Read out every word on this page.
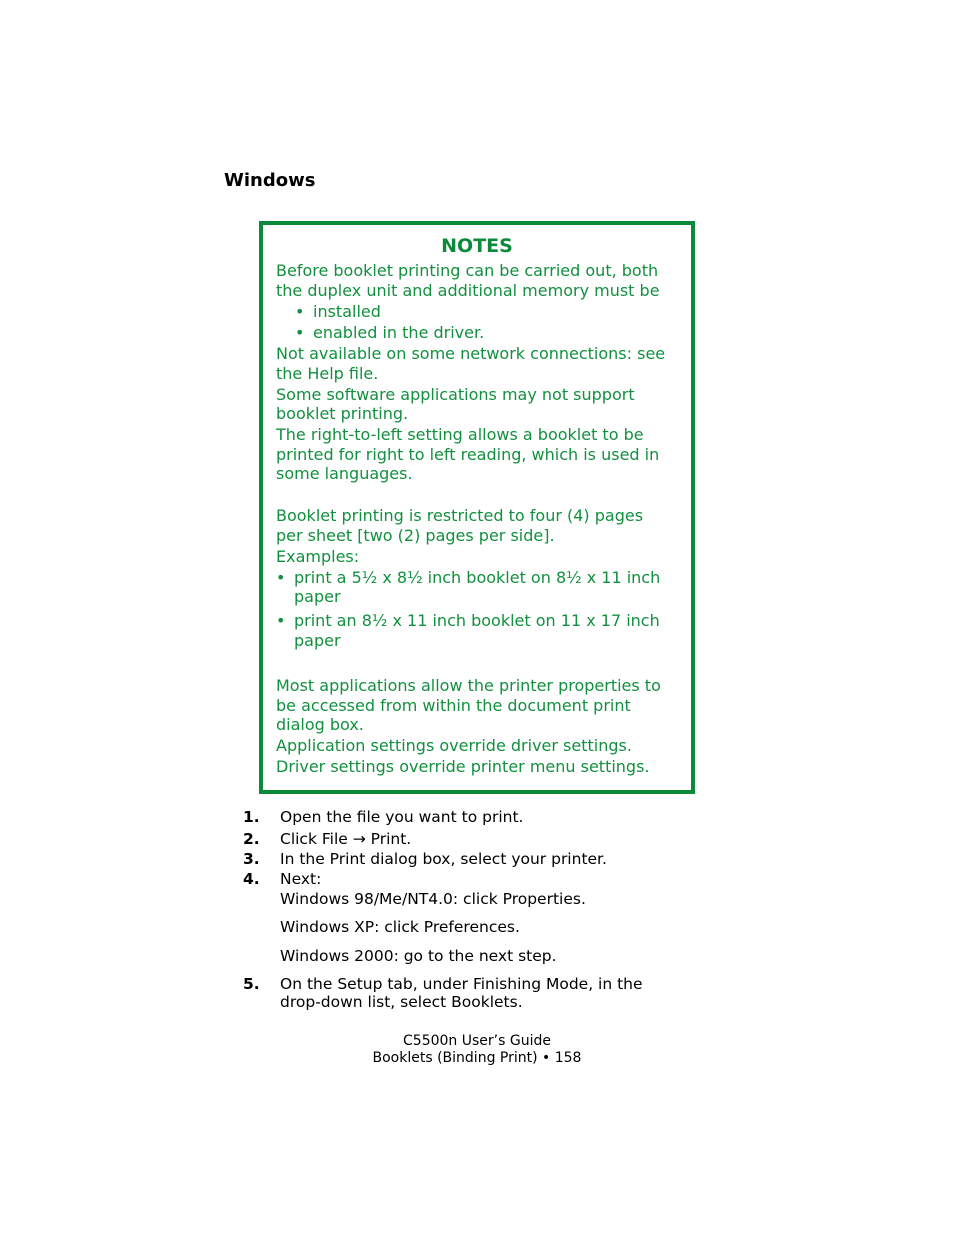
Windows
NOTES
Before booklet printing can be carried out, both
the duplex unit and additional memory must be
• installed
• enabled in the driver.
Not available on some network connections: see
the Help file.
Some software applications may not support
booklet printing.
The right-to-left setting allows a booklet to be
printed for right to left reading, which is used in
some languages.
Booklet printing is restricted to four (4) pages
per sheet [two (2) pages per side].
Examples:
• print a 5½ x 8½ inch booklet on 8½ x 11 inch
paper
• print an 8½ x 11 inch booklet on 11 x 17 inch
paper
Most applications allow the printer properties to
be accessed from within the document print
dialog box.
Application settings override driver settings.
Driver settings override printer menu settings.
1. Open the file you want to print.
2. Click File → Print.
3. In the Print dialog box, select your printer.
4. Next:
Windows 98/Me/NT4.0: click Properties.
Windows XP: click Preferences.
Windows 2000: go to the next step.
5. On the Setup tab, under Finishing Mode, in the
drop-down list, select Booklets.
C5500n User’s Guide
Booklets (Binding Print) • 158
